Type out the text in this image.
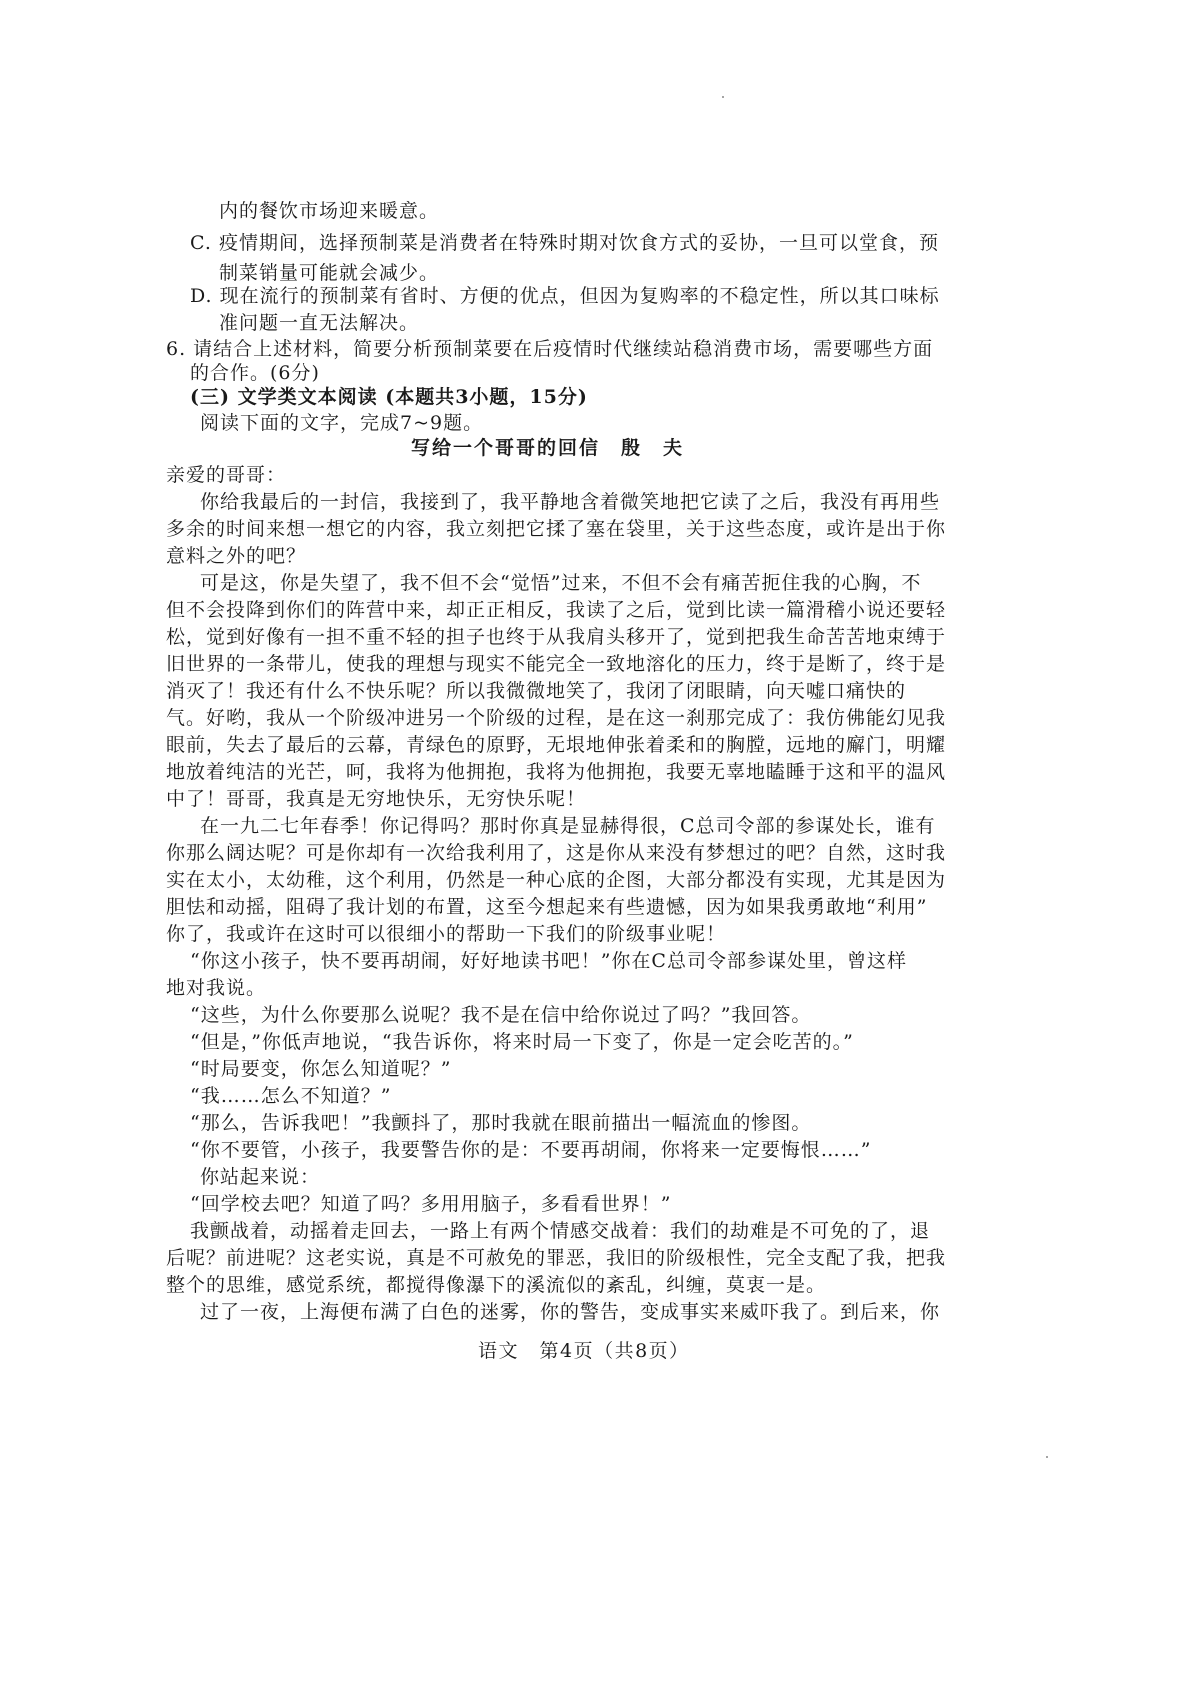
内的餐饮市场迎来暖意。
C. 疫情期间，选择预制菜是消费者在特殊时期对饮食方式的妥协，一旦可以堂食，预
制菜销量可能就会减少。
D. 现在流行的预制菜有省时、方便的优点，但因为复购率的不稳定性，所以其口味标
准问题一直无法解决。
6. 请结合上述材料，简要分析预制菜要在后疫情时代继续站稳消费市场，需要哪些方面
的合作。(6分)
(三) 文学类文本阅读 (本题共3小题，15分)
阅读下面的文字，完成7~9题。
写给一个哥哥的回信　殷　夫
亲爱的哥哥：
你给我最后的一封信，我接到了，我平静地含着微笑地把它读了之后，我没有再用些
多余的时间来想一想它的内容，我立刻把它揉了塞在袋里，关于这些态度，或许是出于你
意料之外的吧？
可是这，你是失望了，我不但不会“觉悟”过来，不但不会有痛苦扼住我的心胸，不
但不会投降到你们的阵营中来，却正正相反，我读了之后，觉到比读一篇滑稽小说还要轻
松，觉到好像有一担不重不轻的担子也终于从我肩头移开了，觉到把我生命苦苦地束缚于
旧世界的一条带儿，使我的理想与现实不能完全一致地溶化的压力，终于是断了，终于是
消灭了！我还有什么不快乐呢？所以我微微地笑了，我闭了闭眼睛，向天嘘口痛快的
气。好哟，我从一个阶级冲进另一个阶级的过程，是在这一刹那完成了：我仿佛能幻见我
眼前，失去了最后的云幕，青绿色的原野，无垠地伸张着柔和的胸膛，远地的廨门，明耀
地放着纯洁的光芒，呵，我将为他拥抱，我将为他拥抱，我要无辜地瞌睡于这和平的温风
中了！哥哥，我真是无穷地快乐，无穷快乐呢！
在一九二七年春季！你记得吗？那时你真是显赫得很，C总司令部的参谋处长，谁有
你那么阔达呢？可是你却有一次给我利用了，这是你从来没有梦想过的吧？自然，这时我
实在太小，太幼稚，这个利用，仍然是一种心底的企图，大部分都没有实现，尤其是因为
胆怯和动摇，阻碍了我计划的布置，这至今想起来有些遗憾，因为如果我勇敢地“利用”
你了，我或许在这时可以很细小的帮助一下我们的阶级事业呢！
“你这小孩子，快不要再胡闹，好好地读书吧！”你在C总司令部参谋处里，曾这样
地对我说。
“这些，为什么你要那么说呢？我不是在信中给你说过了吗？”我回答。
“但是，”你低声地说，“我告诉你，将来时局一下变了，你是一定会吃苦的。”
“时局要变，你怎么知道呢？”
“我……怎么不知道？”
“那么，告诉我吧！”我颤抖了，那时我就在眼前描出一幅流血的惨图。
“你不要管，小孩子，我要警告你的是：不要再胡闹，你将来一定要悔恨……”
你站起来说：
“回学校去吧？知道了吗？多用用脑子，多看看世界！”
我颤战着，动摇着走回去，一路上有两个情感交战着：我们的劫难是不可免的了，退
后呢？前进呢？这老实说，真是不可赦免的罪恶，我旧的阶级根性，完全支配了我，把我
整个的思维，感觉系统，都搅得像瀑下的溪流似的紊乱，纠缠，莫衷一是。
过了一夜，上海便布满了白色的迷雾，你的警告，变成事实来威吓我了。到后来，你
语文　第4页（共8页）
